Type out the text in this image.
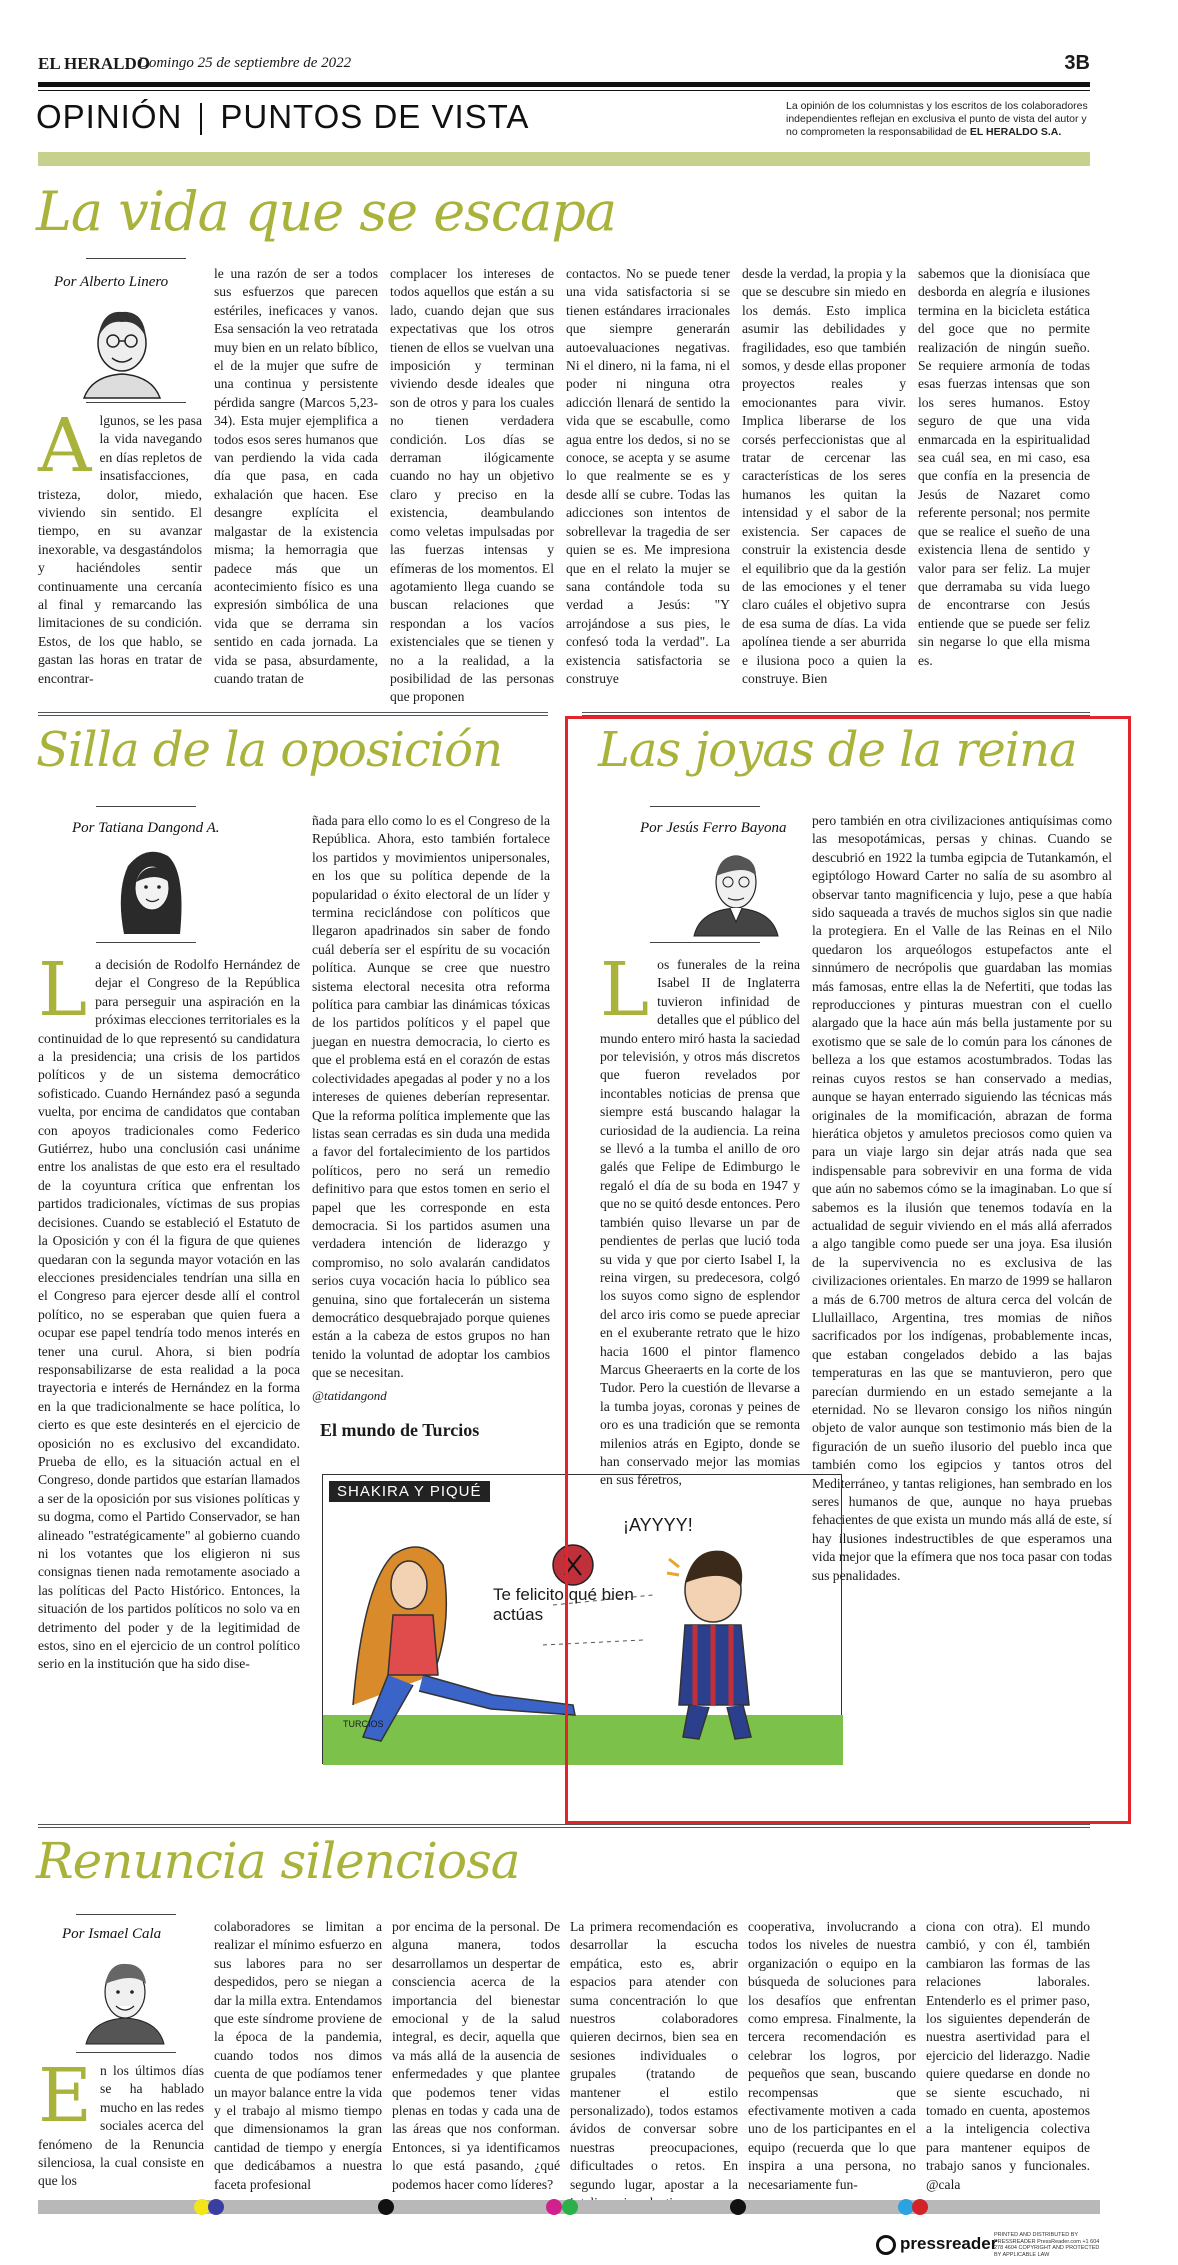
EL HERALDO
Domingo 25 de septiembre de 2022	3B
OPINIÓN PUNTOS DE VISTA	La opinión de los columnistas y los escritos de los colaboradores independientes reflejan en exclusiva el punto de vista del autor y no comprometen la responsabilidad de EL HERALDO S.A.
La vida que se escapa
Por Alberto Linero
Algunos, se les pasa la vida navegando en días repletos de insatisfacciones, tristeza, dolor, miedo, viviendo sin sentido. El tiempo, en su avanzar inexorable, va desgastándolos y haciéndoles sentir continuamente una cercanía al final y remarcando las limitaciones de su condición. Estos, de los que hablo, se gastan las horas en tratar de encontrar-
le una razón de ser a todos sus esfuerzos que parecen estériles, ineficaces y vanos. Esa sensación la veo retratada muy bien en un relato bíblico, el de la mujer que sufre de una continua y persistente pérdida sangre (Marcos 5,23-34). Esta mujer ejemplifica a todos esos seres humanos que van perdiendo la vida cada día que pasa, en cada exhalación que hacen. Ese desangre explícita el malgastar de la existencia misma; la hemorragia que padece más que un acontecimiento físico es una expresión simbólica de una vida que se derrama sin sentido en cada jornada. La vida se pasa, absurdamente, cuando tratan de
complacer los intereses de todos aquellos que están a su lado, cuando dejan que sus expectativas que los otros tienen de ellos se vuelvan una imposición y terminan viviendo desde ideales que son de otros y para los cuales no tienen verdadera condición. Los días se derraman ilógicamente cuando no hay un objetivo claro y preciso en la existencia, deambulando como veletas impulsadas por las fuerzas intensas y efímeras de los momentos. El agotamiento llega cuando se buscan relaciones que respondan a los vacíos existenciales que se tienen y no a la realidad, a la posibilidad de las personas que proponen
contactos. No se puede tener una vida satisfactoria si se tienen estándares irracionales que siempre generarán autoevaluaciones negativas. Ni el dinero, ni la fama, ni el poder ni ninguna otra adicción llenará de sentido la vida que se escabulle, como agua entre los dedos, si no se conoce, se acepta y se asume lo que realmente se es y desde allí se cubre. Todas las adicciones son intentos de sobrellevar la tragedia de ser quien se es. Me impresiona que en el relato la mujer se sana contándole toda su verdad a Jesús: "Y arrojándose a sus pies, le confesó toda la verdad". La existencia satisfactoria se construye
desde la verdad, la propia y la que se descubre sin miedo en los demás. Esto implica asumir las debilidades y fragilidades, eso que también somos, y desde ellas proponer proyectos reales y emocionantes para vivir. Implica liberarse de los corsés perfeccionistas que al tratar de cercenar las características de los seres humanos les quitan la intensidad y el sabor de la existencia. Ser capaces de construir la existencia desde el equilibrio que da la gestión de las emociones y el tener claro cuáles el objetivo supra de esa suma de días. La vida apolínea tiende a ser aburrida e ilusiona poco a quien la construye. Bien
sabemos que la dionisíaca que desborda en alegría e ilusiones termina en la bicicleta estática del goce que no permite realización de ningún sueño. Se requiere armonía de todas esas fuerzas intensas que son los seres humanos. Estoy seguro de que una vida enmarcada en la espiritualidad sea cuál sea, en mi caso, esa que confía en la presencia de Jesús de Nazaret como referente personal; nos permite que se realice el sueño de una existencia llena de sentido y valor para ser feliz. La mujer que derramaba su vida luego de encontrarse con Jesús entiende que se puede ser feliz sin negarse lo que ella misma es.
Silla de la oposición
Por Tatiana Dangond A.
La decisión de Rodolfo Hernández de dejar el Congreso de la República para perseguir una aspiración en la próximas elecciones territoriales es la continuidad de lo que representó su candidatura a la presidencia; una crisis de los partidos políticos y de un sistema democrático sofisticado. Cuando Hernández pasó a segunda vuelta, por encima de candidatos que contaban con apoyos tradicionales como Federico Gutiérrez, hubo una conclusión casi unánime entre los analistas de que esto era el resultado de la coyuntura crítica que enfrentan los partidos tradicionales, víctimas de sus propias decisiones. Cuando se estableció el Estatuto de la Oposición y con él la figura de que quienes quedaran con la segunda mayor votación en las elecciones presidenciales tendrían una silla en el Congreso para ejercer desde allí el control político, no se esperaban que quien fuera a ocupar ese papel tendría todo menos interés en tener una curul. Ahora, si bien podría responsabilizarse de esta realidad a la poca trayectoria e interés de Hernández en la forma en la que tradicionalmente se hace política, lo cierto es que este desinterés en el ejercicio de oposición no es exclusivo del excandidato. Prueba de ello, es la situación actual en el Congreso, donde partidos que estarían llamados a ser de la oposición por sus visiones políticas y su dogma, como el Partido Conservador, se han alineado "estratégicamente" al gobierno cuando ni los votantes que los eligieron ni sus consignas tienen nada remotamente asociado a las políticas del Pacto Histórico. Entonces, la situación de los partidos políticos no solo va en detrimento del poder y de la legitimidad de estos, sino en el ejercicio de un control político serio en la institución que ha sido dise-
ñada para ello como lo es el Congreso de la República. Ahora, esto también fortalece los partidos y movimientos unipersonales, en los que su política depende de la popularidad o éxito electoral de un líder y termina reciclándose con políticos que llegaron apadrinados sin saber de fondo cuál debería ser el espíritu de su vocación política. Aunque se cree que nuestro sistema electoral necesita otra reforma política para cambiar las dinámicas tóxicas de los partidos políticos y el papel que juegan en nuestra democracia, lo cierto es que el problema está en el corazón de estas colectividades apegadas al poder y no a los intereses de quienes deberían representar. Que la reforma política implemente que las listas sean cerradas es sin duda una medida a favor del fortalecimiento de los partidos políticos, pero no será un remedio definitivo para que estos tomen en serio el papel que les corresponde en esta democracia. Si los partidos asumen una verdadera intención de liderazgo y compromiso, no solo avalarán candidatos serios cuya vocación hacia lo público sea genuina, sino que fortalecerán un sistema democrático desquebrajado porque quienes están a la cabeza de estos grupos no han tenido la voluntad de adoptar los cambios que se necesitan.
@tatidangond
El mundo de Turcios
SHAKIRA Y PIQUÉ
¡AYYYY!
Te felicito qué bien actúas
TURCIOS
Las joyas de la reina
Por Jesús Ferro Bayona
Los funerales de la reina Isabel II de Inglaterra tuvieron infinidad de detalles que el público del mundo entero miró hasta la saciedad por televisión, y otros más discretos que fueron revelados por incontables noticias de prensa que siempre está buscando halagar la curiosidad de la audiencia. La reina se llevó a la tumba el anillo de oro galés que Felipe de Edimburgo le regaló el día de su boda en 1947 y que no se quitó desde entonces. Pero también quiso llevarse un par de pendientes de perlas que lució toda su vida y que por cierto Isabel I, la reina virgen, su predecesora, colgó los suyos como signo de esplendor del arco iris como se puede apreciar en el exuberante retrato que le hizo hacia 1600 el pintor flamenco Marcus Gheeraerts en la corte de los Tudor. Pero la cuestión de llevarse a la tumba joyas, coronas y peines de oro es una tradición que se remonta milenios atrás en Egipto, donde se han conservado mejor las momias en sus féretros,
pero también en otra civilizaciones antiquísimas como las mesopotámicas, persas y chinas. Cuando se descubrió en 1922 la tumba egipcia de Tutankamón, el egiptólogo Howard Carter no salía de su asombro al observar tanto magnificencia y lujo, pese a que había sido saqueada a través de muchos siglos sin que nadie la protegiera. En el Valle de las Reinas en el Nilo quedaron los arqueólogos estupefactos ante el sinnúmero de necrópolis que guardaban las momias más famosas, entre ellas la de Nefertiti, que todas las reproducciones y pinturas muestran con el cuello alargado que la hace aún más bella justamente por su exotismo que se sale de lo común para los cánones de belleza a los que estamos acostumbrados. Todas las reinas cuyos restos se han conservado a medias, aunque se hayan enterrado siguiendo las técnicas más originales de la momificación, abrazan de forma hierática objetos y amuletos preciosos como quien va para un viaje largo sin dejar atrás nada que sea indispensable para sobrevivir en una forma de vida que aún no sabemos cómo se la imaginaban. Lo que sí sabemos es la ilusión que tenemos todavía en la actualidad de seguir viviendo en el más allá aferrados a algo tangible como puede ser una joya. Esa ilusión de la supervivencia no es exclusiva de las civilizaciones orientales. En marzo de 1999 se hallaron a más de 6.700 metros de altura cerca del volcán de Llullaillaco, Argentina, tres momias de niños sacrificados por los indígenas, probablemente incas, que estaban congelados debido a las bajas temperaturas en las que se mantuvieron, pero que parecían durmiendo en un estado semejante a la eternidad. No se llevaron consigo los niños ningún objeto de valor aunque son testimonio más bien de la figuración de un sueño ilusorio del pueblo inca que también como los egipcios y tantos otros del Mediterráneo, y tantas religiones, han sembrado en los seres humanos de que, aunque no haya pruebas fehacientes de que exista un mundo más allá de este, sí hay ilusiones indestructibles de que esperamos una vida mejor que la efímera que nos toca pasar con todas sus penalidades.
Renuncia silenciosa
Por Ismael Cala
En los últimos días se ha hablado mucho en las redes sociales acerca del fenómeno de la Renuncia silenciosa, la cual consiste en que los
colaboradores se limitan a realizar el mínimo esfuerzo en sus labores para no ser despedidos, pero se niegan a dar la milla extra. Entendamos que este síndrome proviene de la época de la pandemia, cuando todos nos dimos cuenta de que podíamos tener un mayor balance entre la vida y el trabajo al mismo tiempo que dimensionamos la gran cantidad de tiempo y energía que dedicábamos a nuestra faceta profesional
por encima de la personal. De alguna manera, todos desarrollamos un despertar de consciencia acerca de la importancia del bienestar emocional y de la salud integral, es decir, aquella que va más allá de la ausencia de enfermedades y que plantee que podemos tener vidas plenas en todas y cada una de las áreas que nos conforman. Entonces, si ya identificamos lo que está pasando, ¿qué podemos hacer como líderes?
La primera recomendación es desarrollar la escucha empática, esto es, abrir espacios para atender con suma concentración lo que nuestros colaboradores quieren decirnos, bien sea en sesiones individuales o grupales (tratando de mantener el estilo personalizado), todos estamos ávidos de conversar sobre nuestras preocupaciones, dificultades o retos. En segundo lugar, apostar a la
cooperativa, involucrando a todos los niveles de nuestra organización o equipo en la búsqueda de soluciones para los desafíos que enfrentan como empresa. Finalmente, la tercera recomendación es celebrar los logros, por pequeños que sean, buscando recompensas que efectivamente motiven a cada uno de los participantes en el equipo (recuerda que lo que inspira a una persona, no necesariamente fun-
ciona con otra). El mundo cambió, y con él, también cambiaron las formas de las relaciones laborales. Entenderlo es el primer paso, los siguientes dependerán de nuestra asertividad para el ejercicio del liderazgo. Nadie quiere quedarse en donde no se siente escuchado, ni tomado en cuenta, apostemos a la inteligencia colectiva para mantener equipos de trabajo sanos y funcionales. @cala
pressreader
PRINTED AND DISTRIBUTED BY PRESSREADER PressReader.com +1 604 278 4604 COPYRIGHT AND PROTECTED BY APPLICABLE LAW
